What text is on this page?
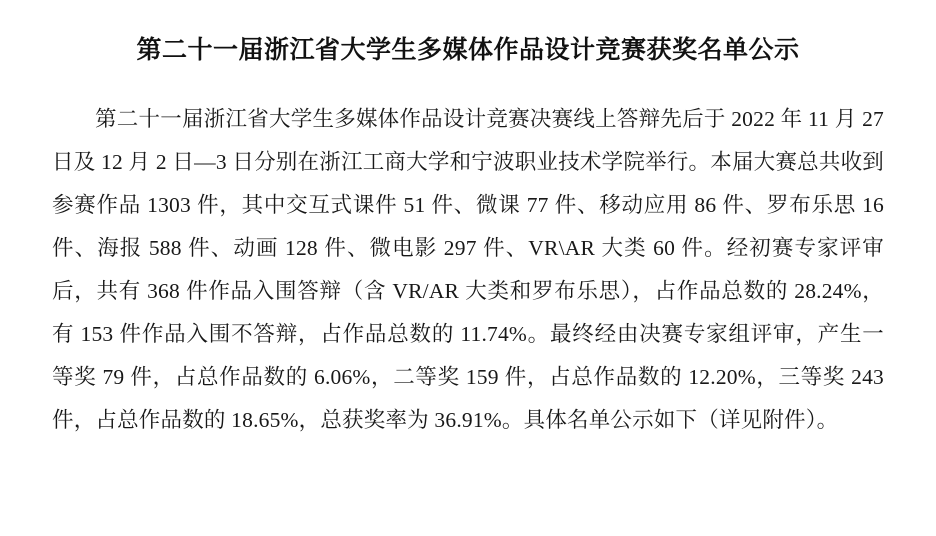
第二十一届浙江省大学生多媒体作品设计竞赛获奖名单公示

第二十一届浙江省大学生多媒体作品设计竞赛决赛线上答辩先后于 2022 年 11 月 27 日及 12 月 2 日—3 日分别在浙江工商大学和宁波职业技术学院举行。本届大赛总共收到参赛作品 1303 件，其中交互式课件 51 件、微课 77 件、移动应用 86 件、罗布乐思 16 件、海报 588 件、动画 128 件、微电影 297 件、VR\AR 大类 60 件。经初赛专家评审后，共有 368 件作品入围答辩（含 VR/AR 大类和罗布乐思），占作品总数的 28.24%，有 153 件作品入围不答辩，占作品总数的 11.74%。最终经由决赛专家组评审，产生一等奖 79 件，占总作品数的 6.06%，二等奖 159 件，占总作品数的 12.20%，三等奖 243 件，占总作品数的 18.65%，总获奖率为 36.91%。具体名单公示如下（详见附件）。
